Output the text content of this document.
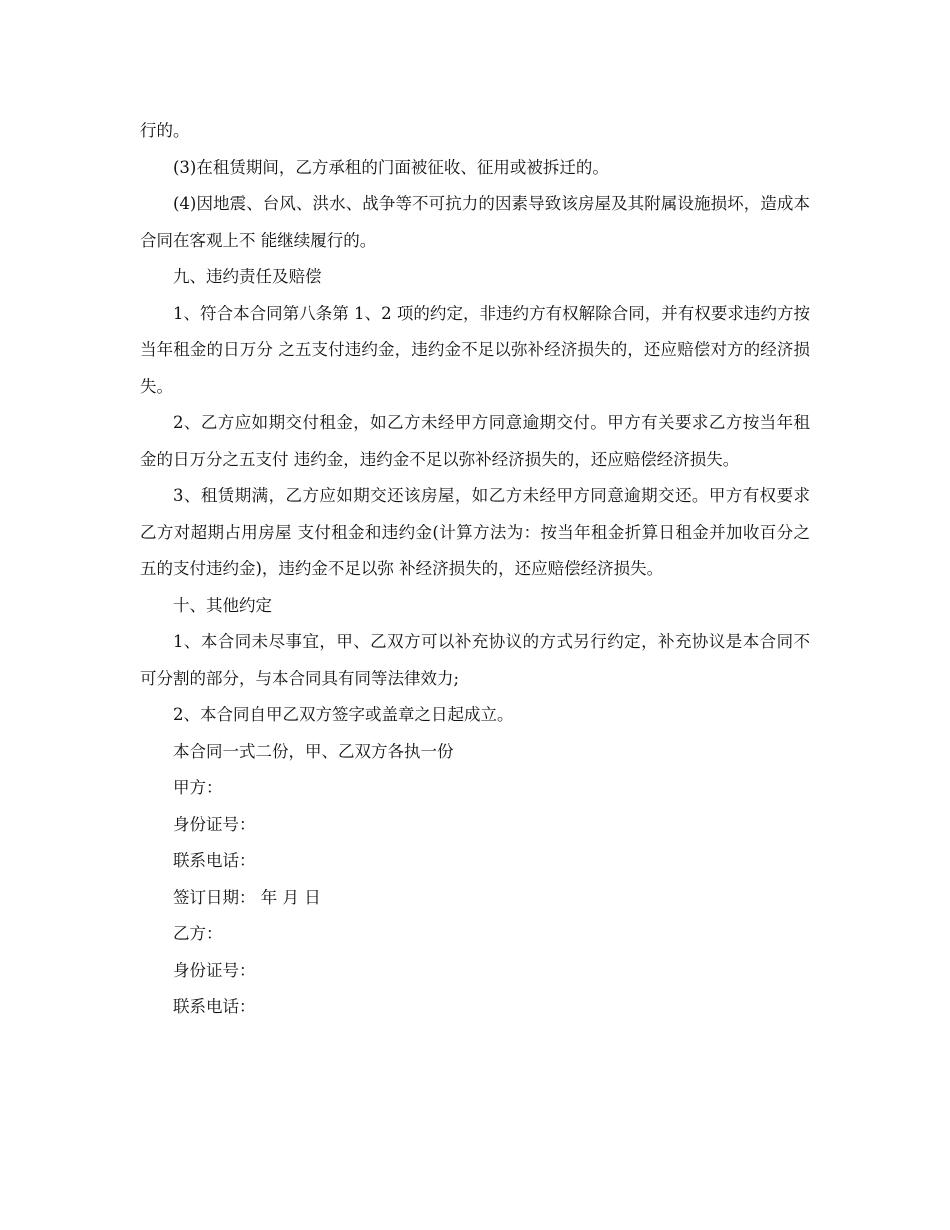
行的。

(3)在租赁期间，乙方承租的门面被征收、征用或被拆迁的。

(4)因地震、台风、洪水、战争等不可抗力的因素导致该房屋及其附属设施损坏，造成本合同在客观上不 能继续履行的。

九、违约责任及赔偿

1、符合本合同第八条第 1、2 项的约定，非违约方有权解除合同，并有权要求违约方按当年租金的日万分 之五支付违约金，违约金不足以弥补经济损失的，还应赔偿对方的经济损失。

2、乙方应如期交付租金，如乙方未经甲方同意逾期交付。甲方有关要求乙方按当年租金的日万分之五支付 违约金，违约金不足以弥补经济损失的，还应赔偿经济损失。

3、租赁期满，乙方应如期交还该房屋，如乙方未经甲方同意逾期交还。甲方有权要求乙方对超期占用房屋 支付租金和违约金(计算方法为：按当年租金折算日租金并加收百分之五的支付违约金)，违约金不足以弥 补经济损失的，还应赔偿经济损失。

十、其他约定

1、本合同未尽事宜，甲、乙双方可以补充协议的方式另行约定，补充协议是本合同不可分割的部分，与本合同具有同等法律效力;

2、本合同自甲乙双方签字或盖章之日起成立。

本合同一式二份，甲、乙双方各执一份

甲方：

身份证号：

联系电话：

签订日期： 年 月 日

乙方：

身份证号：

联系电话：
